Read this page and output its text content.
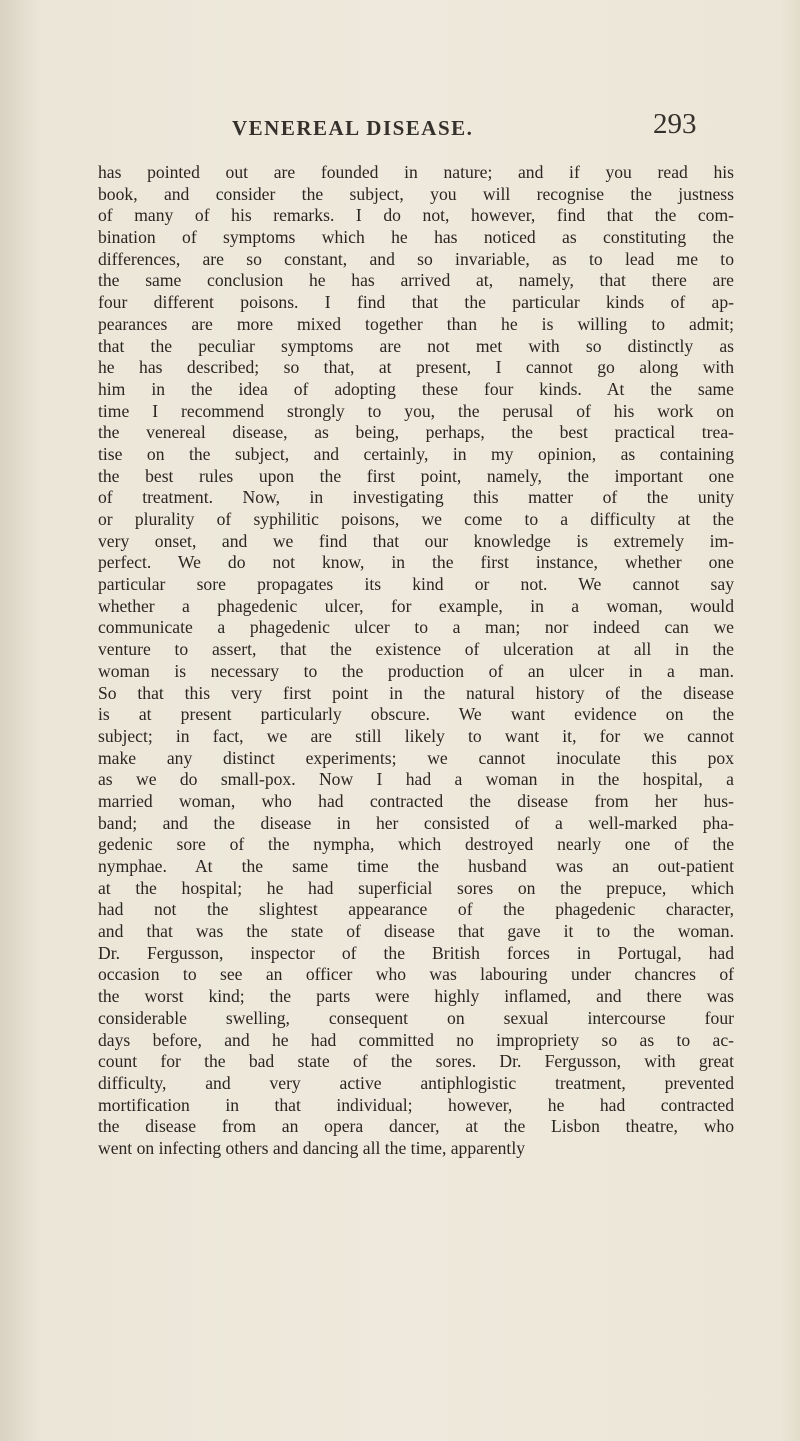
VENEREAL DISEASE.	293
has pointed out are founded in nature; and if you read his
book, and consider the subject, you will recognise the justness
of many of his remarks. I do not, however, find that the com-
bination of symptoms which he has noticed as constituting the
differences, are so constant, and so invariable, as to lead me to
the same conclusion he has arrived at, namely, that there are
four different poisons. I find that the particular kinds of ap-
pearances are more mixed together than he is willing to admit;
that the peculiar symptoms are not met with so distinctly as
he has described; so that, at present, I cannot go along with
him in the idea of adopting these four kinds. At the same
time I recommend strongly to you, the perusal of his work on
the venereal disease, as being, perhaps, the best practical trea-
tise on the subject, and certainly, in my opinion, as containing
the best rules upon the first point, namely, the important one
of treatment. Now, in investigating this matter of the unity
or plurality of syphilitic poisons, we come to a difficulty at the
very onset, and we find that our knowledge is extremely im-
perfect. We do not know, in the first instance, whether one
particular sore propagates its kind or not. We cannot say
whether a phagedenic ulcer, for example, in a woman, would
communicate a phagedenic ulcer to a man; nor indeed can we
venture to assert, that the existence of ulceration at all in the
woman is necessary to the production of an ulcer in a man.
So that this very first point in the natural history of the disease
is at present particularly obscure. We want evidence on the
subject; in fact, we are still likely to want it, for we cannot
make any distinct experiments; we cannot inoculate this pox
as we do small-pox. Now I had a woman in the hospital, a
married woman, who had contracted the disease from her hus-
band; and the disease in her consisted of a well-marked pha-
gedenic sore of the nympha, which destroyed nearly one of the
nymphae. At the same time the husband was an out-patient
at the hospital; he had superficial sores on the prepuce, which
had not the slightest appearance of the phagedenic character,
and that was the state of disease that gave it to the woman.
Dr. Fergusson, inspector of the British forces in Portugal, had
occasion to see an officer who was labouring under chancres of
the worst kind; the parts were highly inflamed, and there was
considerable swelling, consequent on sexual intercourse four
days before, and he had committed no impropriety so as to ac-
count for the bad state of the sores. Dr. Fergusson, with great
difficulty, and very active antiphlogistic treatment, prevented
mortification in that individual; however, he had contracted
the disease from an opera dancer, at the Lisbon theatre, who
went on infecting others and dancing all the time, apparently
